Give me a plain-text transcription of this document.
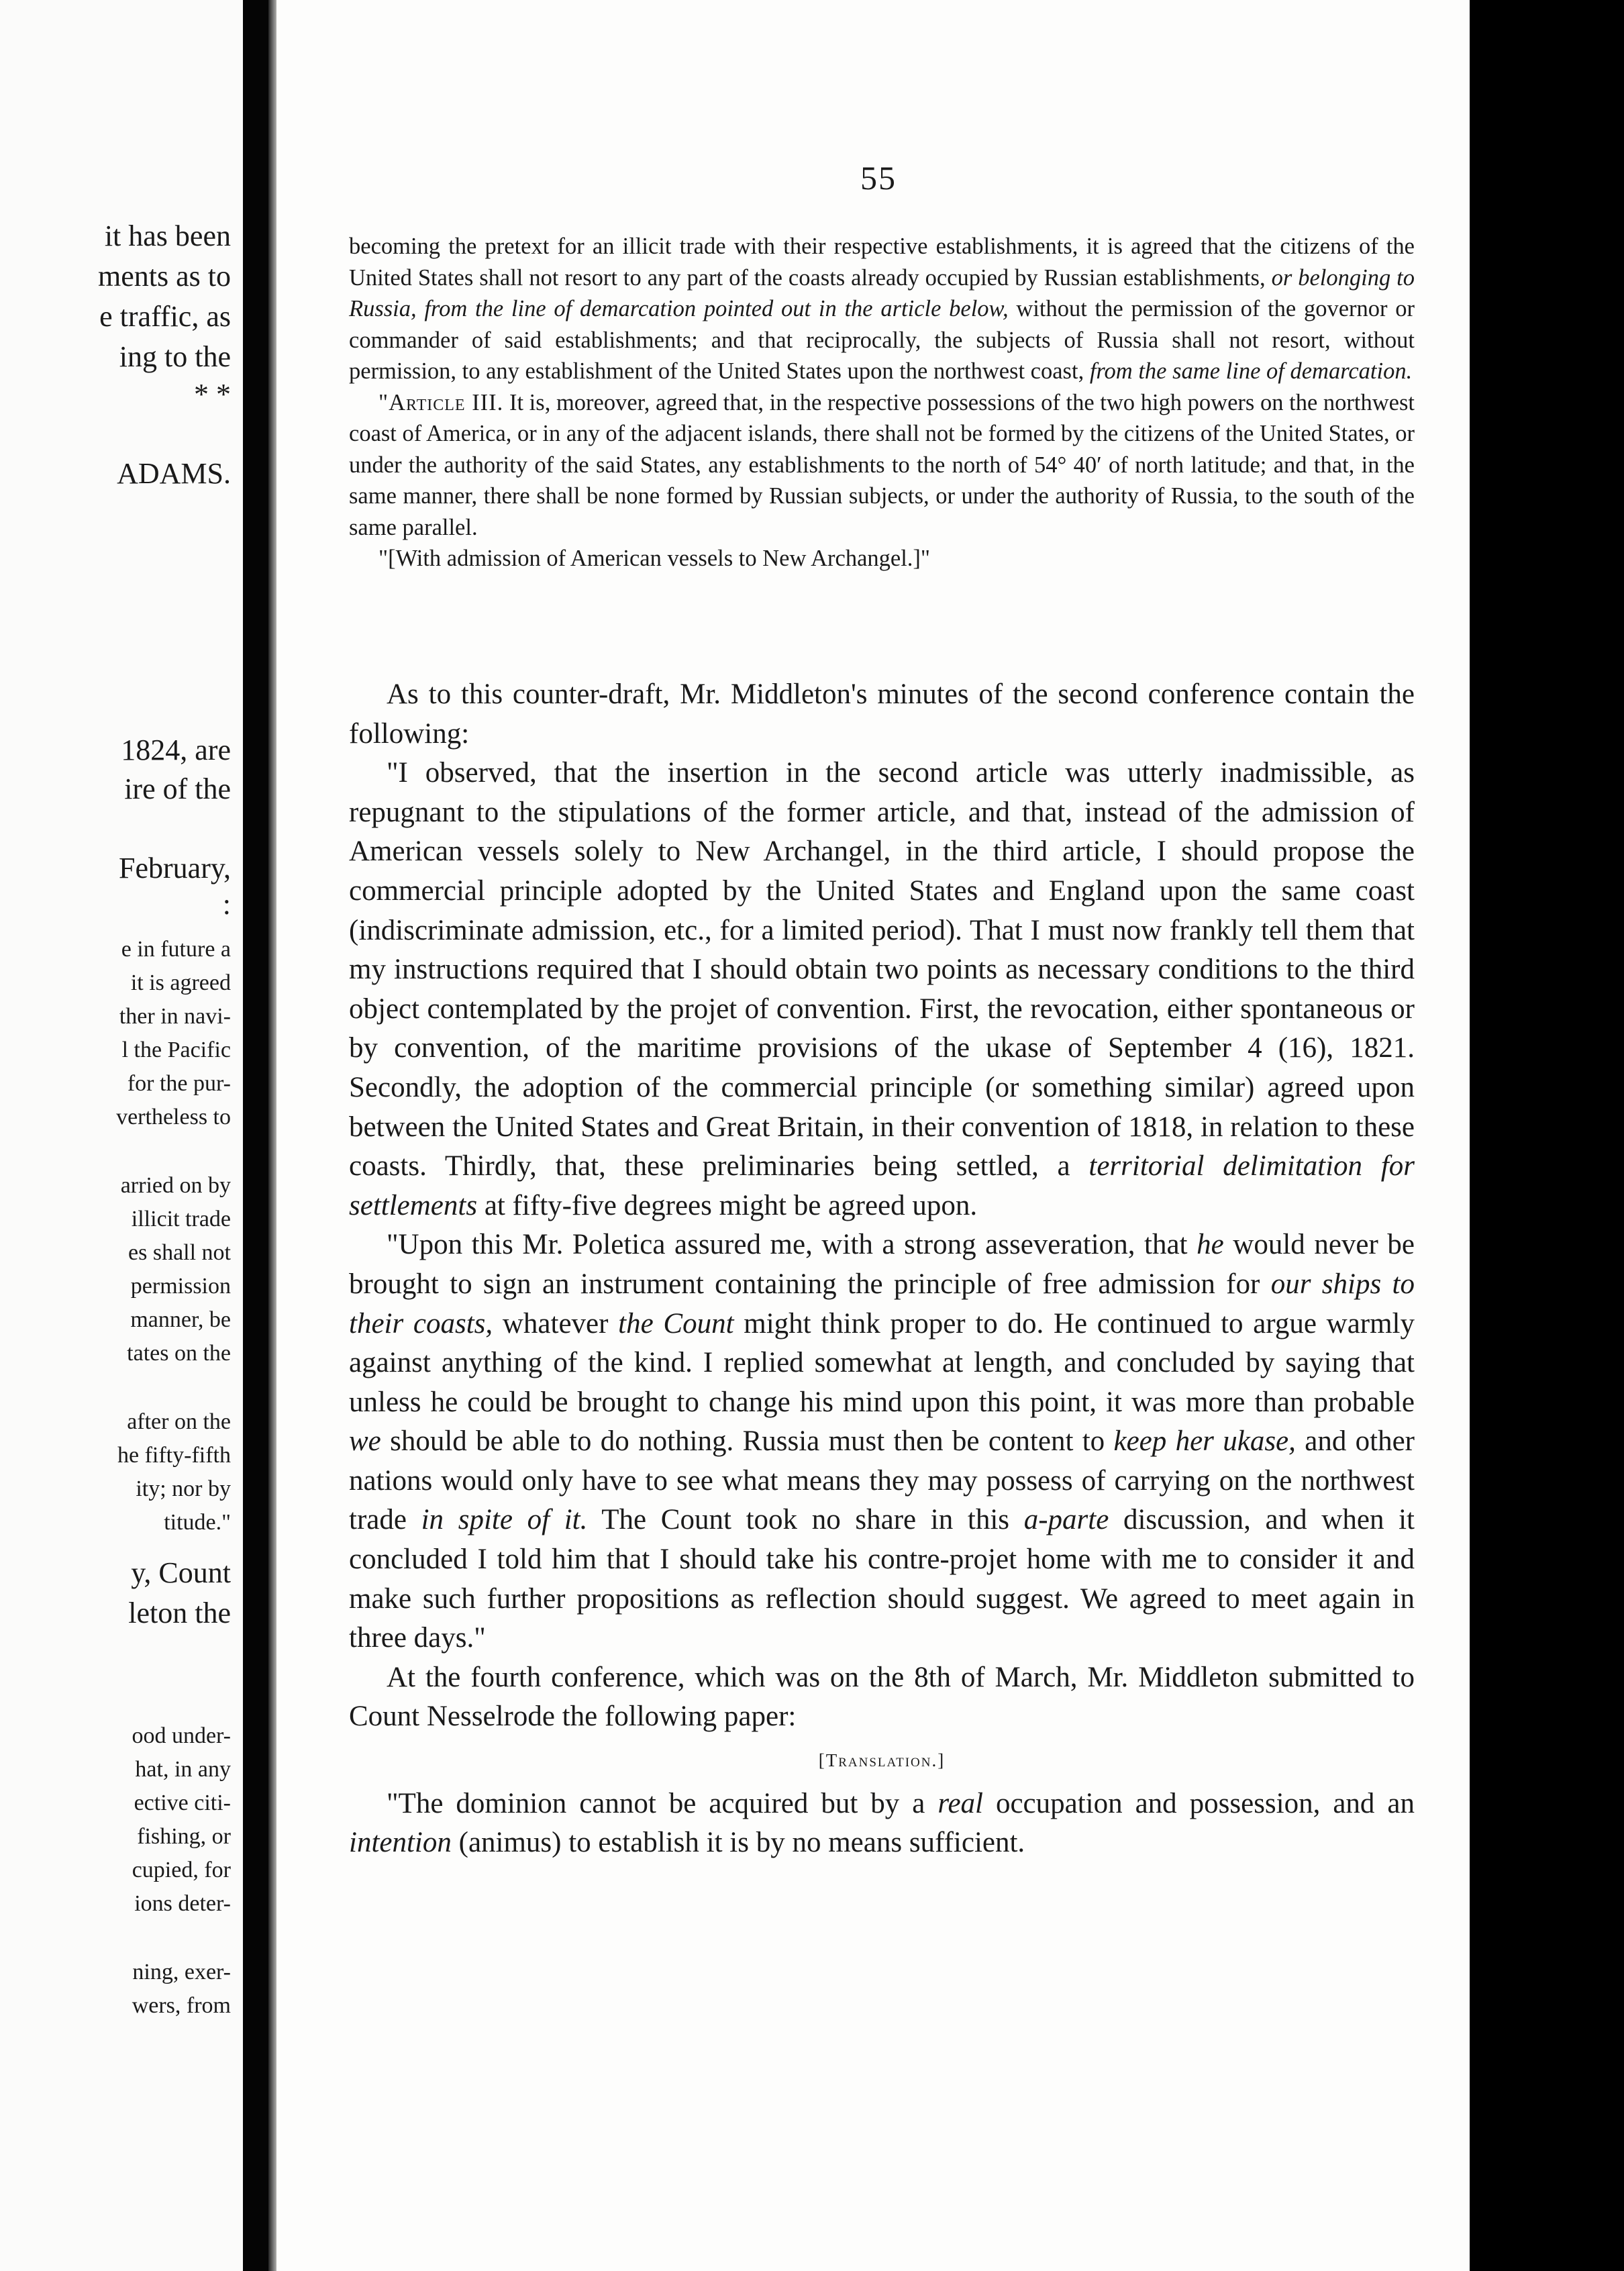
it has been
ments as to
e traffic, as
ing to the
* *
ADAMS.
1824, are
ire of the
February,
:
e in future a
it is agreed
ther in navi-
l the Pacific
for the pur-
vertheless to
arried on by
illicit trade
es shall not
permission
manner, be
tates on the
after on the
he fifty-fifth
ity; nor by
titude."
y, Count
leton the
ood under-
hat, in any
ective citi-
fishing, or
cupied, for
ions deter-
ning, exer-
wers, from
55

becoming the pretext for an illicit trade with their respective establishments, it is agreed that the citizens of the United States shall not resort to any part of the coasts already occupied by Russian establishments, or belonging to Russia, from the line of demarcation pointed out in the article below, without the permission of the governor or commander of said establishments; and that reciprocally, the subjects of Russia shall not resort, without permission, to any establishment of the United States upon the northwest coast, from the same line of demarcation.

"Article III. It is, moreover, agreed that, in the respective possessions of the two high powers on the northwest coast of America, or in any of the adjacent islands, there shall not be formed by the citizens of the United States, or under the authority of the said States, any establishments to the north of 54° 40′ of north latitude; and that, in the same manner, there shall be none formed by Russian subjects, or under the authority of Russia, to the south of the same parallel.

"[With admission of American vessels to New Archangel.]"

As to this counter-draft, Mr. Middleton's minutes of the second conference contain the following:

"I observed, that the insertion in the second article was utterly inadmissible, as repugnant to the stipulations of the former article, and that, instead of the admission of American vessels solely to New Archangel, in the third article, I should propose the commercial principle adopted by the United States and England upon the same coast (indiscriminate admission, etc., for a limited period). That I must now frankly tell them that my instructions required that I should obtain two points as necessary conditions to the third object contemplated by the projet of convention. First, the revocation, either spontaneous or by convention, of the maritime provisions of the ukase of September 4 (16), 1821. Secondly, the adoption of the commercial principle (or something similar) agreed upon between the United States and Great Britain, in their convention of 1818, in relation to these coasts. Thirdly, that, these preliminaries being settled, a territorial delimitation for settlements at fifty-five degrees might be agreed upon.

"Upon this Mr. Poletica assured me, with a strong asseveration, that he would never be brought to sign an instrument containing the principle of free admission for our ships to their coasts, whatever the Count might think proper to do. He continued to argue warmly against anything of the kind. I replied somewhat at length, and concluded by saying that unless he could be brought to change his mind upon this point, it was more than probable we should be able to do nothing. Russia must then be content to keep her ukase, and other nations would only have to see what means they may possess of carrying on the northwest trade in spite of it. The Count took no share in this a-parte discussion, and when it concluded I told him that I should take his contre-projet home with me to consider it and make such further propositions as reflection should suggest. We agreed to meet again in three days."

At the fourth conference, which was on the 8th of March, Mr. Middleton submitted to Count Nesselrode the following paper:

[Translation.]

"The dominion cannot be acquired but by a real occupation and possession, and an intention (animus) to establish it is by no means sufficient.
